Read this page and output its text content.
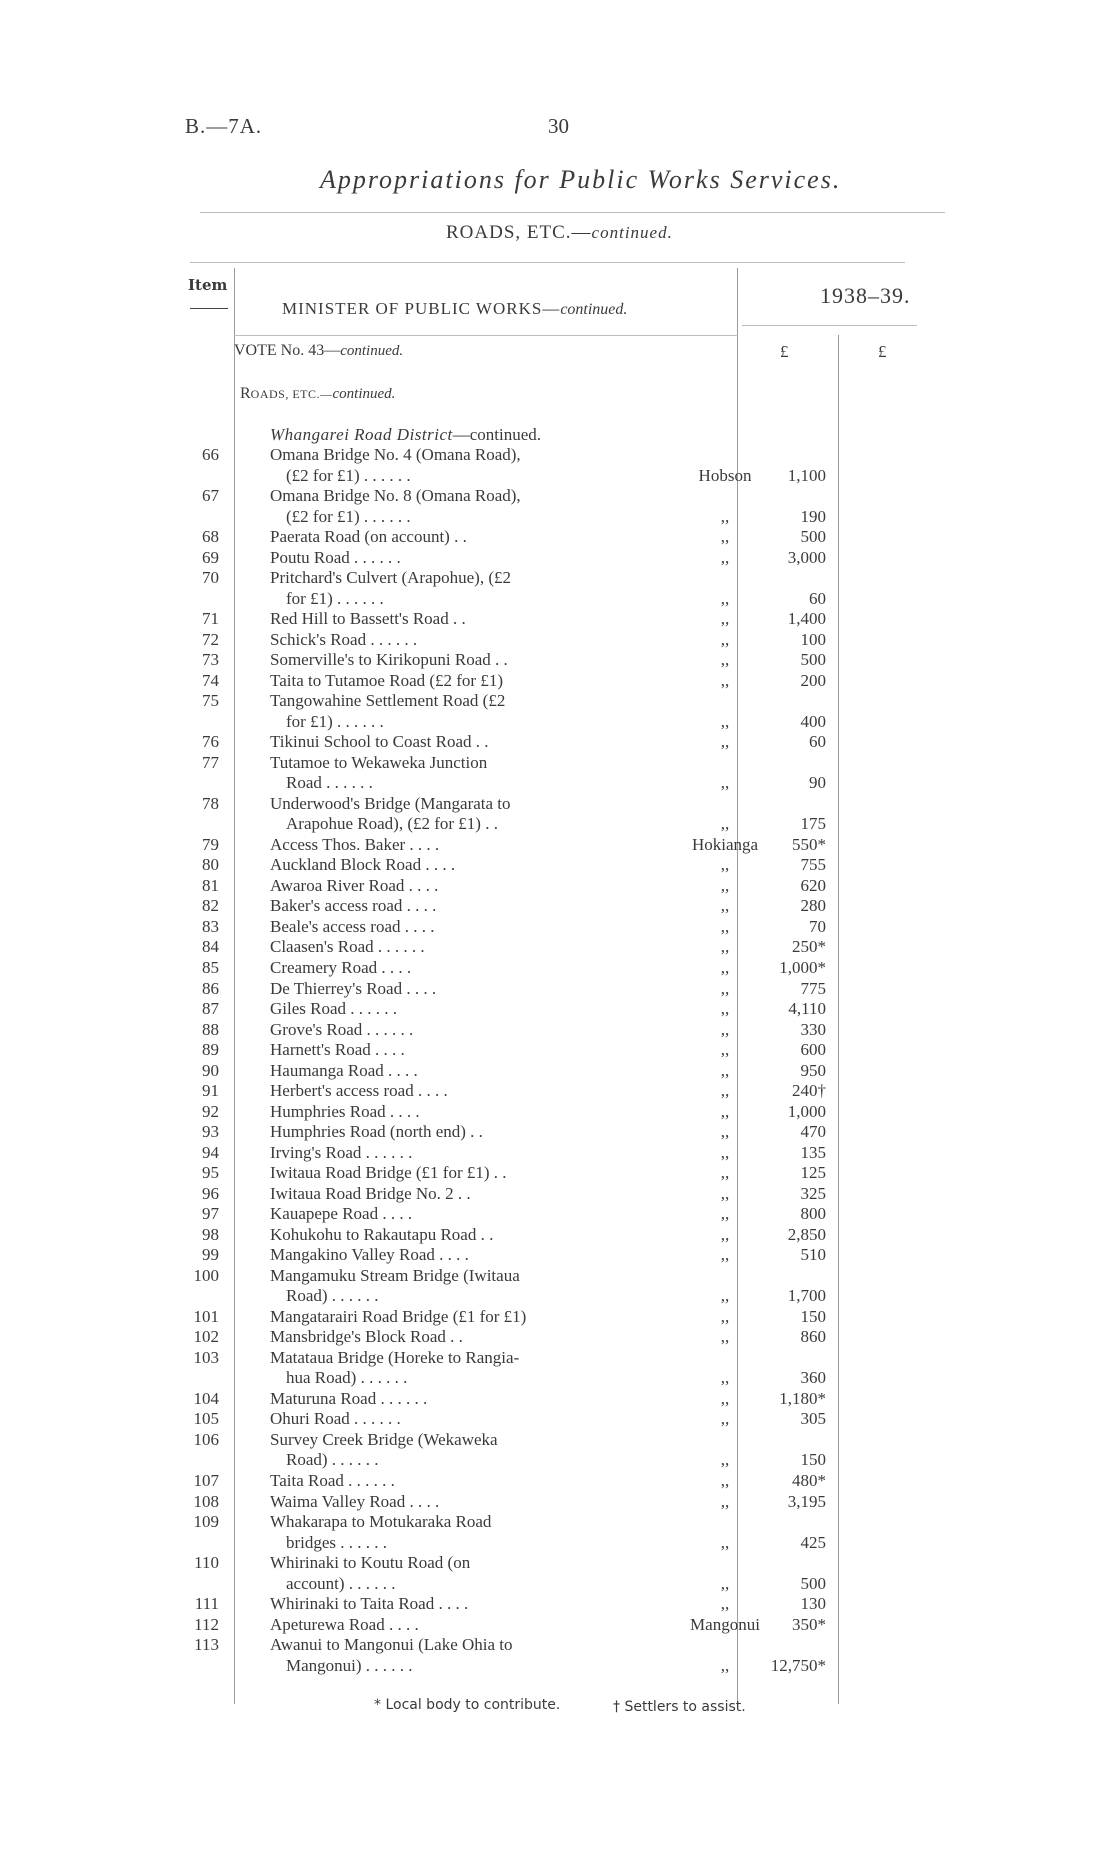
B.—7A.	30
Appropriations for Public Works Services.
ROADS, ETC.—continued.
Item	1938–39.
MINISTER OF PUBLIC WORKS—continued.
VOTE No. 43—continued.	£	£
ROADS, ETC.—continued.
Whangarei Road District—continued.
66	Omana Bridge No. 4 (Omana Road),
(£2 for £1) . . . . . .	Hobson	1,100
67	Omana Bridge No. 8 (Omana Road),
(£2 for £1) . . . . . .	,,	190
68	Paerata Road (on account) . .	,,	500
69	Poutu Road . . . . . .	,,	3,000
70	Pritchard's Culvert (Arapohue), (£2
for £1) . . . . . .	,,	60
71	Red Hill to Bassett's Road . .	,,	1,400
72	Schick's Road . . . . . .	,,	100
73	Somerville's to Kirikopuni Road . .	,,	500
74	Taita to Tutamoe Road (£2 for £1)	,,	200
75	Tangowahine Settlement Road (£2
for £1) . . . . . .	,,	400
76	Tikinui School to Coast Road . .	,,	60
77	Tutamoe to Wekaweka Junction
Road . . . . . .	,,	90
78	Underwood's Bridge (Mangarata to
Arapohue Road), (£2 for £1) . .	,,	175
79	Access Thos. Baker . . . .	Hokianga	550*
80	Auckland Block Road . . . .	,,	755
81	Awaroa River Road . . . .	,,	620
82	Baker's access road . . . .	,,	280
83	Beale's access road . . . .	,,	70
84	Claasen's Road . . . . . .	,,	250*
85	Creamery Road . . . .	,,	1,000*
86	De Thierrey's Road . . . .	,,	775
87	Giles Road . . . . . .	,,	4,110
88	Grove's Road . . . . . .	,,	330
89	Harnett's Road . . . .	,,	600
90	Haumanga Road . . . .	,,	950
91	Herbert's access road . . . .	,,	240†
92	Humphries Road . . . .	,,	1,000
93	Humphries Road (north end) . .	,,	470
94	Irving's Road . . . . . .	,,	135
95	Iwitaua Road Bridge (£1 for £1) . .	,,	125
96	Iwitaua Road Bridge No. 2 . .	,,	325
97	Kauapepe Road . . . .	,,	800
98	Kohukohu to Rakautapu Road . .	,,	2,850
99	Mangakino Valley Road . . . .	,,	510
100	Mangamuku Stream Bridge (Iwitaua
Road) . . . . . .	,,	1,700
101	Mangatarairi Road Bridge (£1 for £1)	,,	150
102	Mansbridge's Block Road . .	,,	860
103	Matataua Bridge (Horeke to Rangia-
hua Road) . . . . . .	,,	360
104	Maturuna Road . . . . . .	,,	1,180*
105	Ohuri Road . . . . . .	,,	305
106	Survey Creek Bridge (Wekaweka
Road) . . . . . .	,,	150
107	Taita Road . . . . . .	,,	480*
108	Waima Valley Road . . . .	,,	3,195
109	Whakarapa to Motukaraka Road
bridges . . . . . .	,,	425
110	Whirinaki to Koutu Road (on
account) . . . . . .	,,	500
111	Whirinaki to Taita Road . . . .	,,	130
112	Apeturewa Road . . . .	Mangonui	350*
113	Awanui to Mangonui (Lake Ohia to
Mangonui) . . . . . .	,,	12,750*
* Local body to contribute.	† Settlers to assist.
